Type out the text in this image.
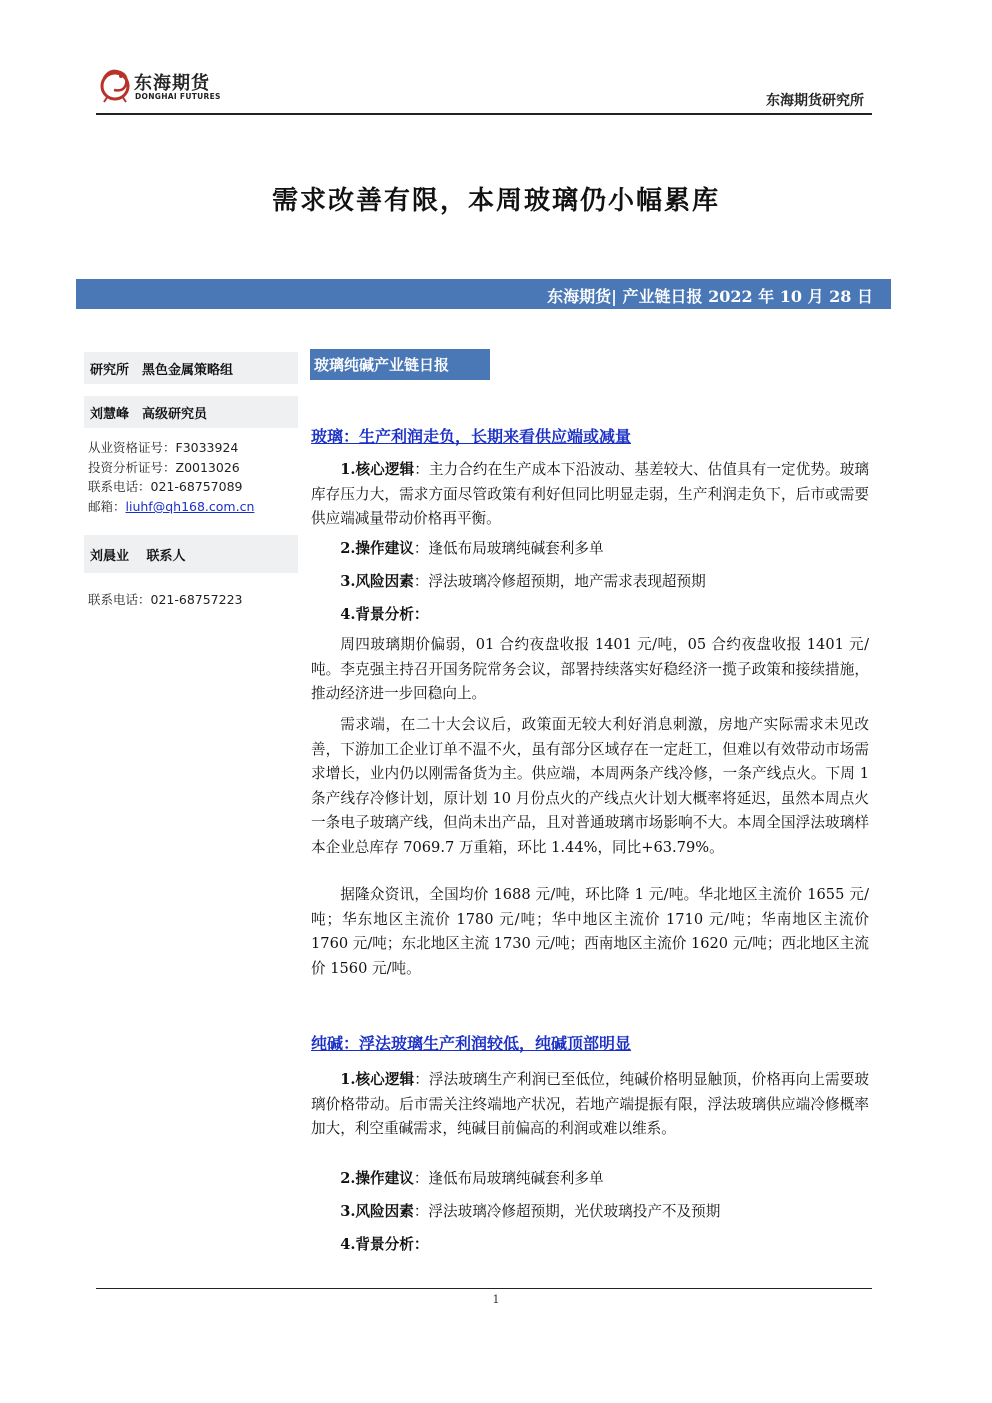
东海期货
DONGHAI FUTURES	东海期货研究所
需求改善有限，本周玻璃仍小幅累库
东海期货| 产业链日报 2022 年 10 月 28 日
研究所　黑色金属策略组
刘慧峰　高级研究员
从业资格证号：F3033924
投资分析证号：Z0013026
联系电话：021-68757089
邮箱：liuhf@qh168.com.cn
刘晨业　 联系人
联系电话：021-68757223
玻璃纯碱产业链日报
玻璃：生产利润走负，长期来看供应端或减量
1.核心逻辑：主力合约在生产成本下沿波动、基差较大、估值具有一定优势。玻璃库存压力大，需求方面尽管政策有利好但同比明显走弱，生产利润走负下，后市或需要供应端减量带动价格再平衡。
2.操作建议：逢低布局玻璃纯碱套利多单
3.风险因素：浮法玻璃冷修超预期，地产需求表现超预期
4.背景分析：
周四玻璃期价偏弱，01 合约夜盘收报 1401 元/吨，05 合约夜盘收报 1401 元/吨。李克强主持召开国务院常务会议，部署持续落实好稳经济一揽子政策和接续措施，推动经济进一步回稳向上。
需求端，在二十大会议后，政策面无较大利好消息刺激，房地产实际需求未见改善，下游加工企业订单不温不火，虽有部分区域存在一定赶工，但难以有效带动市场需求增长，业内仍以刚需备货为主。供应端，本周两条产线冷修，一条产线点火。下周 1 条产线存冷修计划，原计划 10 月份点火的产线点火计划大概率将延迟，虽然本周点火一条电子玻璃产线，但尚未出产品，且对普通玻璃市场影响不大。本周全国浮法玻璃样本企业总库存 7069.7 万重箱，环比 1.44%，同比+63.79%。
据隆众资讯，全国均价 1688 元/吨，环比降 1 元/吨。华北地区主流价 1655 元/吨；华东地区主流价 1780 元/吨；华中地区主流价 1710 元/吨；华南地区主流价 1760 元/吨；东北地区主流 1730 元/吨；西南地区主流价 1620 元/吨；西北地区主流价 1560 元/吨。
纯碱：浮法玻璃生产利润较低，纯碱顶部明显
1.核心逻辑：浮法玻璃生产利润已至低位，纯碱价格明显触顶，价格再向上需要玻璃价格带动。后市需关注终端地产状况，若地产端提振有限，浮法玻璃供应端冷修概率加大，利空重碱需求，纯碱目前偏高的利润或难以维系。
2.操作建议：逢低布局玻璃纯碱套利多单
3.风险因素：浮法玻璃冷修超预期，光伏玻璃投产不及预期
4.背景分析：
1
